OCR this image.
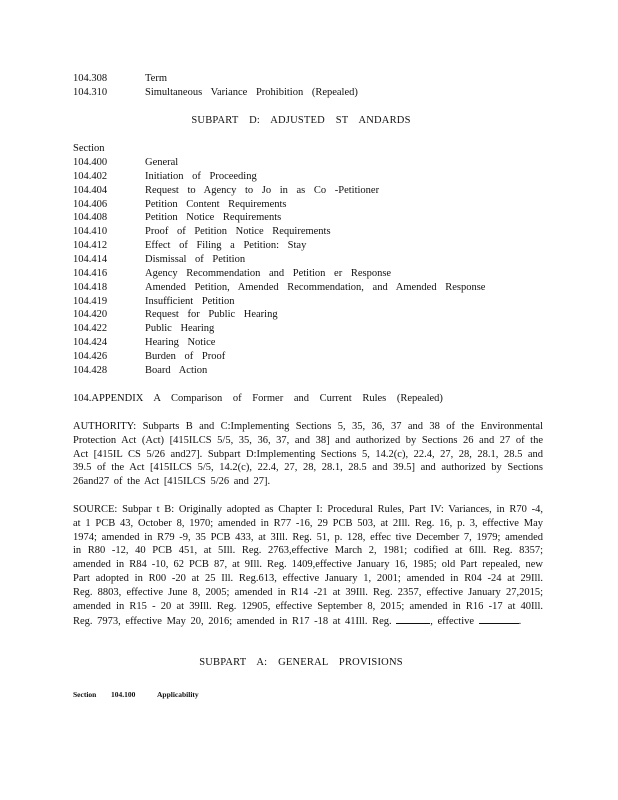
104.308	Term
104.310	Simultaneous Variance Prohibition (Repealed)
SUBPART D: ADJUSTED ST ANDARDS
Section
104.400	General
104.402	Initiation of Proceeding
104.404	Request to Agency to Jo in as Co -Petitioner
104.406	Petition Content Requirements
104.408	Petition Notice Requirements
104.410	Proof of Petition Notice Requirements
104.412	Effect of Filing a Petition: Stay
104.414	Dismissal of Petition
104.416	Agency Recommendation and Petition er Response
104.418	Amended Petition, Amended Recommendation, and Amended Response
104.419	Insufficient Petition
104.420	Request for Public Hearing
104.422	Public Hearing
104.424	Hearing Notice
104.426	Burden of Proof
104.428	Board Action
104.APPENDIX A Comparison of Former and Current Rules (Repealed)
AUTHORITY: Subparts B and C:Implementing Sections 5, 35, 36, 37 and 38 of the Environmental Protection Act (Act) [415ILCS 5/5, 35, 36, 37, and 38] and authorized by Sections 26 and 27 of the Act [415IL CS 5/26 and27]. Subpart D:Implementing Sections 5, 14.2(c), 22.4, 27, 28, 28.1, 28.5 and 39.5 of the Act [415ILCS 5/5, 14.2(c), 22.4, 27, 28, 28.1, 28.5 and 39.5] and authorized by Sections 26and27 of the Act [415ILCS 5/26 and 27].
SOURCE: Subpar t B: Originally adopted as Chapter I: Procedural Rules, Part IV: Variances, in R70 -4, at 1 PCB 43, October 8, 1970; amended in R77 -16, 29 PCB 503, at 2Ill. Reg. 16, p. 3, effective May 1974; amended in R79 -9, 35 PCB 433, at 3Ill. Reg. 51, p. 128, effec tive December 7, 1979; amended in R80 -12, 40 PCB 451, at 5Ill. Reg. 2763,effective March 2, 1981; codified at 6Ill. Reg. 8357; amended in R84 -10, 62 PCB 87, at 9Ill. Reg. 1409,effective January 16, 1985; old Part repealed, new Part adopted in R00 -20 at 25 Ill. Reg.613, effective January 1, 2001; amended in R04 -24 at 29Ill. Reg. 8803, effective June 8, 2005; amended in R14 -21 at 39Ill. Reg. 2357, effective January 27,2015; amended in R15 - 20 at 39Ill. Reg. 12905, effective September 8, 2015; amended in R16 -17 at 40Ill. Reg. 7973, effective May 20, 2016; amended in R17 -18 at 41Ill. Reg.	, effective	.
SUBPART A: GENERAL PROVISIONS
Section 104.100	Applicability
